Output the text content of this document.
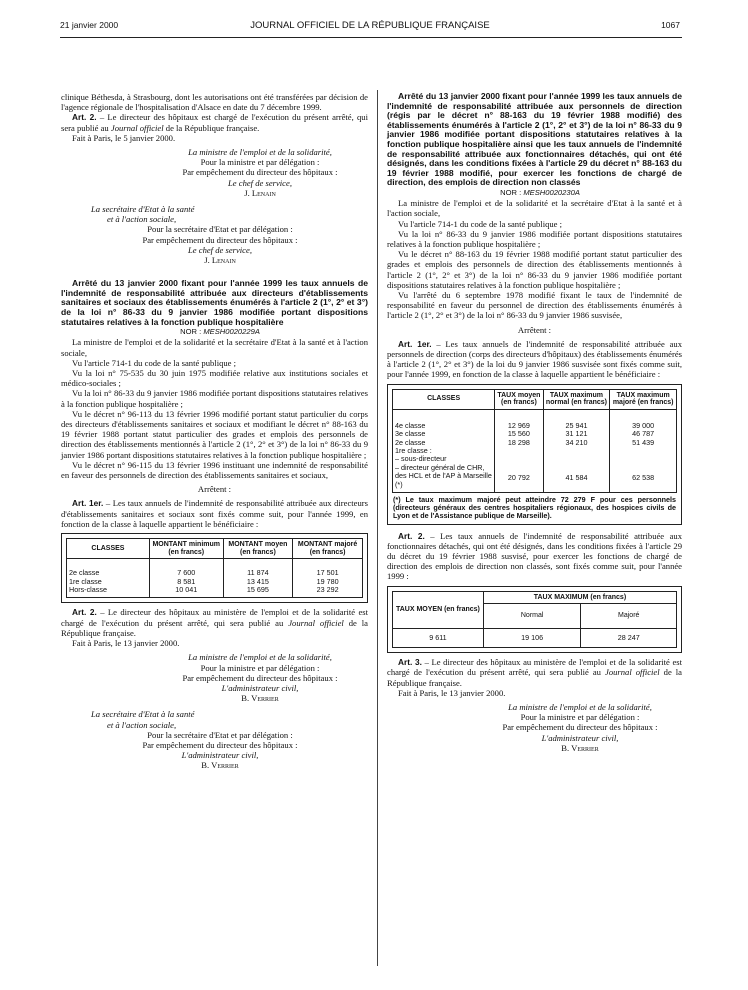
21 janvier 2000	JOURNAL OFFICIEL DE LA RÉPUBLIQUE FRANÇAISE	1067

clinique Béthesda, à Strasbourg, dont les autorisations ont été transférées par décision de l'agence régionale de l'hospitalisation d'Alsace en date du 7 décembre 1999.

Art. 2. – Le directeur des hôpitaux est chargé de l'exécution du présent arrêté, qui sera publié au Journal officiel de la République française.

Fait à Paris, le 5 janvier 2000.

La ministre de l'emploi et de la solidarité,

Pour la ministre et par délégation :

Par empêchement du directeur des hôpitaux :

Le chef de service,

J. Lenain

La secrétaire d'Etat à la santé

et à l'action sociale,

Pour la secrétaire d'Etat et par délégation :

Par empêchement du directeur des hôpitaux :

Le chef de service,

J. Lenain

Arrêté du 13 janvier 2000 fixant pour l'année 1999 les taux annuels de l'indemnité de responsabilité attribuée aux directeurs d'établissements sanitaires et sociaux des établissements énumérés à l'article 2 (1°, 2° et 3°) de la loi n° 86-33 du 9 janvier 1986 modifiée portant dispositions statutaires relatives à la fonction publique hospitalière

NOR : MESH0020229A

La ministre de l'emploi et de la solidarité et la secrétaire d'Etat à la santé et à l'action sociale,

Vu l'article 714-1 du code de la santé publique ;

Vu la loi n° 75-535 du 30 juin 1975 modifiée relative aux institutions sociales et médico-sociales ;

Vu la loi n° 86-33 du 9 janvier 1986 modifiée portant dispositions statutaires relatives à la fonction publique hospitalière ;

Vu le décret n° 96-113 du 13 février 1996 modifié portant statut particulier du corps des directeurs d'établissements sanitaires et sociaux et modifiant le décret n° 88-163 du 19 février 1988 portant statut particulier des grades et emplois des personnels de direction des établissements mentionnés à l'article 2 (1°, 2° et 3°) de la loi n° 86-33 du 9 janvier 1986 portant dispositions statutaires relatives à la fonction publique hospitalière ;

Vu le décret n° 96-115 du 13 février 1996 instituant une indemnité de responsabilité en faveur des personnels de direction des établissements sanitaires et sociaux,

Arrêtent :

Art. 1er. – Les taux annuels de l'indemnité de responsabilité attribuée aux directeurs d'établissements sanitaires et sociaux sont fixés comme suit, pour l'année 1999, en fonction de la classe à laquelle appartient le bénéficiaire :

CLASSES	MONTANT minimum (en francs)	MONTANT moyen (en francs)	MONTANT majoré (en francs)

2e classe	7 600	11 874	17 501
1re classe	8 581	13 415	19 780
Hors-classe	10 041	15 695	23 292

Art. 2. – Le directeur des hôpitaux au ministère de l'emploi et de la solidarité est chargé de l'exécution du présent arrêté, qui sera publié au Journal officiel de la République française.

Fait à Paris, le 13 janvier 2000.

La ministre de l'emploi et de la solidarité,

Pour la ministre et par délégation :

Par empêchement du directeur des hôpitaux :

L'administrateur civil,

B. Verrier

La secrétaire d'Etat à la santé

et à l'action sociale,

Pour la secrétaire d'Etat et par délégation :

Par empêchement du directeur des hôpitaux :

L'administrateur civil,

B. Verrier

Arrêté du 13 janvier 2000 fixant pour l'année 1999 les taux annuels de l'indemnité de responsabilité attribuée aux personnels de direction (régis par le décret n° 88-163 du 19 février 1988 modifié) des établissements énumérés à l'article 2 (1°, 2° et 3°) de la loi n° 86-33 du 9 janvier 1986 modifiée portant dispositions statutaires relatives à la fonction publique hospitalière ainsi que les taux annuels de l'indemnité de responsabilité attribuée aux fonctionnaires détachés, qui ont été désignés, dans les conditions fixées à l'article 29 du décret n° 88-163 du 19 février 1988 modifié, pour exercer les fonctions de chargé de direction, des emplois de direction non classés

NOR : MESH0020230A

La ministre de l'emploi et de la solidarité et la secrétaire d'Etat à la santé et à l'action sociale,

Vu l'article 714-1 du code de la santé publique ;

Vu la loi n° 86-33 du 9 janvier 1986 modifiée portant dispositions statutaires relatives à la fonction publique hospitalière ;

Vu le décret n° 88-163 du 19 février 1988 modifié portant statut particulier des grades et emplois des personnels de direction des établissements mentionnés à l'article 2 (1°, 2° et 3°) de la loi n° 86-33 du 9 janvier 1986 modifiée portant dispositions statutaires relatives à la fonction publique hospitalière ;

Vu l'arrêté du 6 septembre 1978 modifié fixant le taux de l'indemnité de responsabilité en faveur du personnel de direction des établissements énumérés à l'article 2 (1°, 2° et 3°) de la loi n° 86-33 du 9 janvier 1986 susvisée,

Arrêtent :

Art. 1er. – Les taux annuels de l'indemnité de responsabilité attribuée aux personnels de direction (corps des directeurs d'hôpitaux) des établissements énumérés à l'article 2 (1°, 2° et 3°) de la loi du 9 janvier 1986 susvisée sont fixés comme suit, pour l'année 1999, en fonction de la classe à laquelle appartient le bénéficiaire :

CLASSES	TAUX moyen (en francs)	TAUX maximum normal (en francs)	TAUX maximum majoré (en francs)

4e classe	12 969	25 941	39 000
3e classe	15 560	31 121	46 787
2e classe	18 298	34 210	51 439
1re classe :			
– sous-directeur			
– directeur général de CHR, des HCL et de l'AP à Marseille (*)	20 792	41 584	62 538
(*) Le taux maximum majoré peut atteindre 72 279 F pour ces personnels (directeurs généraux des centres hospitaliers régionaux, des hospices civils de Lyon et de l'Assistance publique de Marseille).

Art. 2. – Les taux annuels de l'indemnité de responsabilité attribuée aux fonctionnaires détachés, qui ont été désignés, dans les conditions fixées à l'article 29 du décret du 19 février 1988 susvisé, pour exercer les fonctions de chargé de direction des emplois de direction non classés, sont fixés comme suit, pour l'année 1999 :

TAUX MOYEN (en francs)	TAUX MAXIMUM (en francs)	
	Normal	Majoré
9 611	19 106	28 247

Art. 3. – Le directeur des hôpitaux au ministère de l'emploi et de la solidarité est chargé de l'exécution du présent arrêté, qui sera publié au Journal officiel de la République française.

Fait à Paris, le 13 janvier 2000.

La ministre de l'emploi et de la solidarité,

Pour la ministre et par délégation :

Par empêchement du directeur des hôpitaux :

L'administrateur civil,

B. Verrier
